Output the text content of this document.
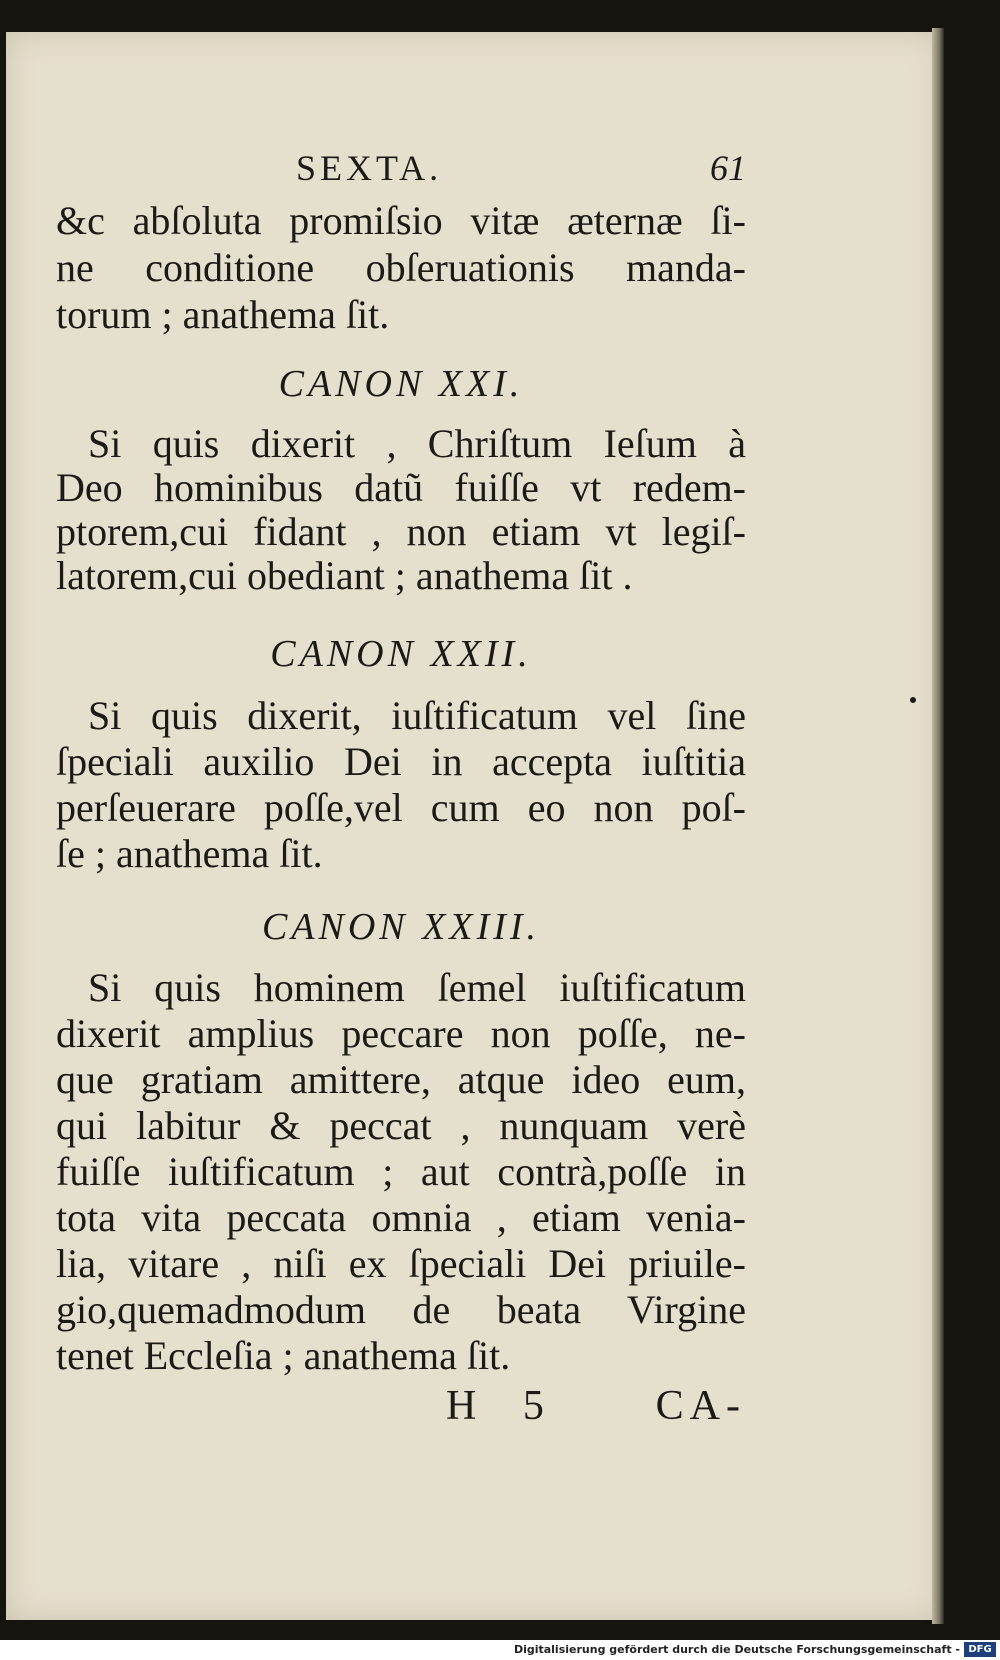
SEXTA.	61
&c abſoluta promiſsio vitæ æternæ ſi-
ne conditione obſeruationis manda-
torum ; anathema ſit.
CANON XXI.
Si quis dixerit , Chriſtum Ieſum à
Deo hominibus datũ fuiſſe vt redem-
ptorem,cui fidant , non etiam vt legiſ-
latorem,cui obediant ; anathema ſit .
CANON XXII.
Si quis dixerit, iuſtificatum vel ſine
ſpeciali auxilio Dei in accepta iuſtitia
perſeuerare poſſe,vel cum eo non poſ-
ſe ; anathema ſit.
CANON XXIII.
Si quis hominem ſemel iuſtificatum
dixerit amplius peccare non poſſe, ne-
que gratiam amittere, atque ideo eum,
qui labitur & peccat , nunquam verè
fuiſſe iuſtificatum ; aut contrà,poſſe in
tota vita peccata omnia , etiam venia-
lia, vitare , niſi ex ſpeciali Dei priuile-
gio,quemadmodum de beata Virgine
tenet Eccleſia ; anathema ſit.
H 5 CA-
Digitalisierung gefördert durch die Deutsche Forschungsgemeinschaft - DFG
